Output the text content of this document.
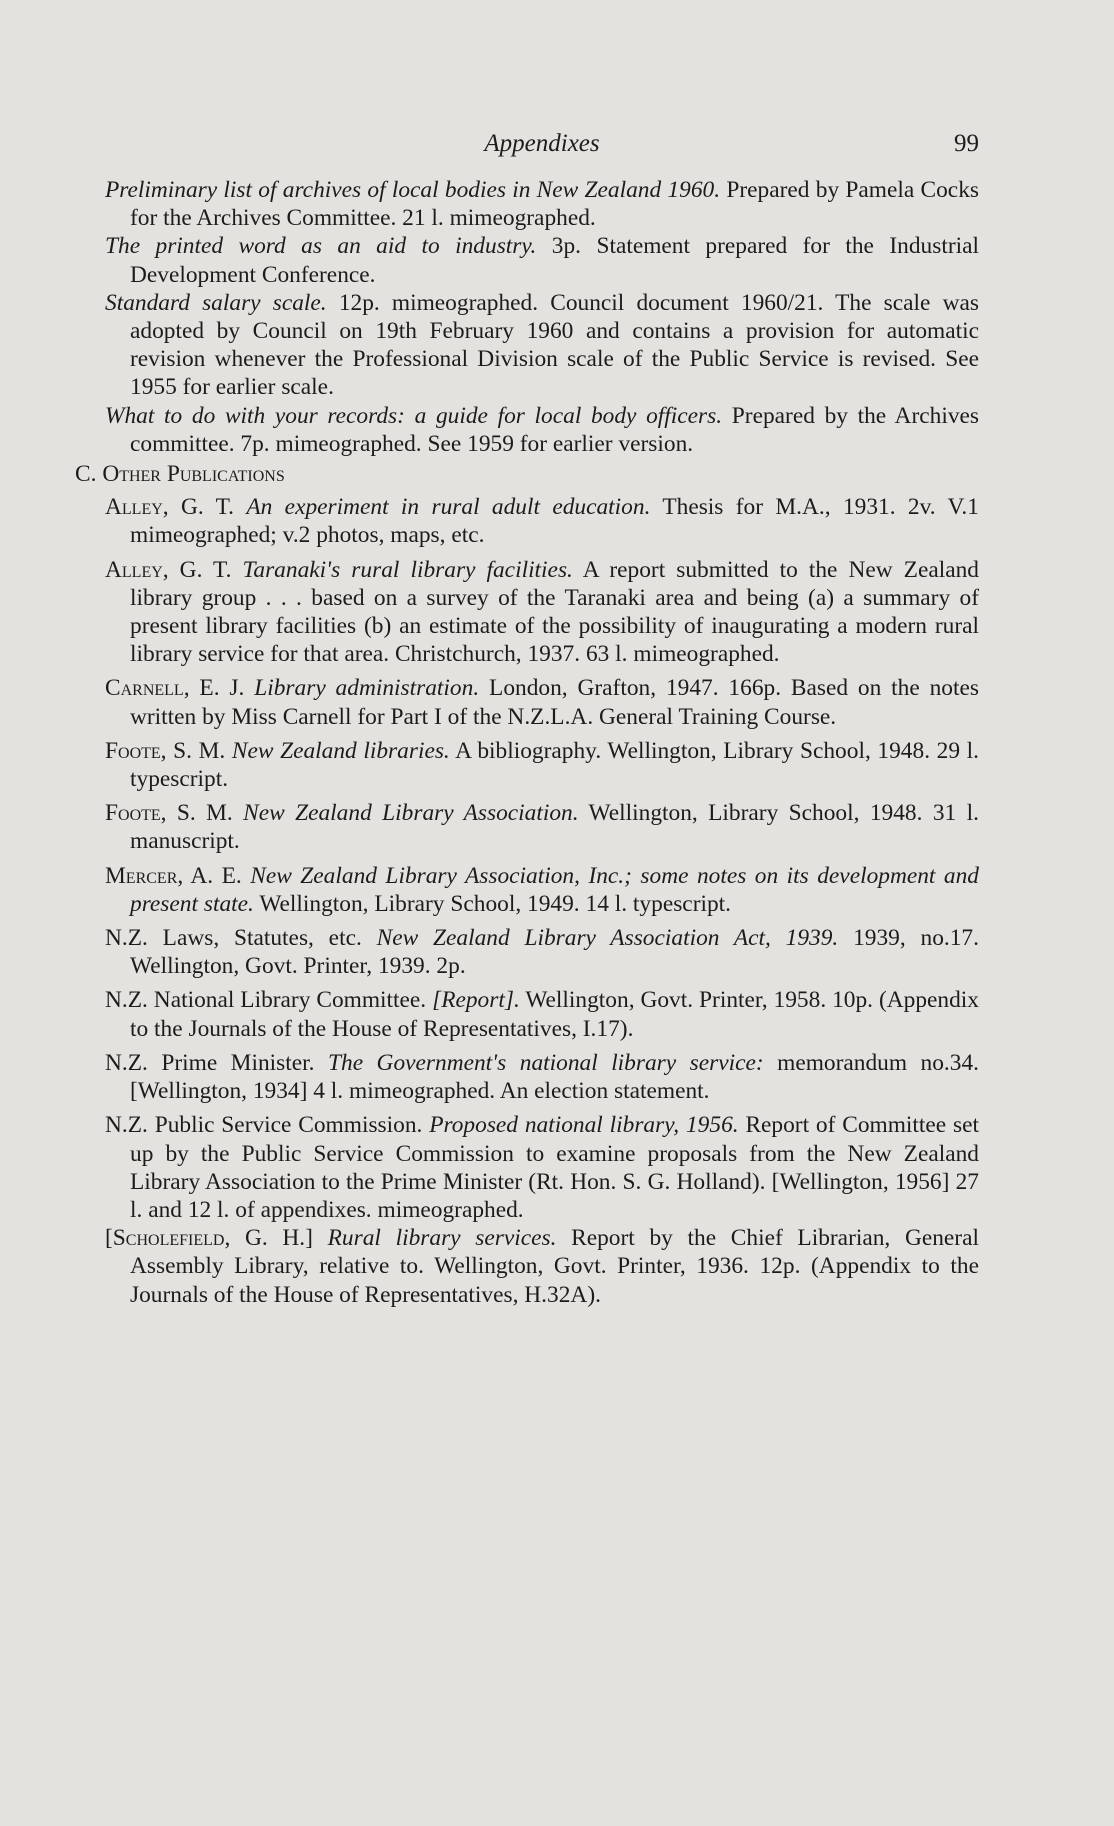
Appendixes	99

Preliminary list of archives of local bodies in New Zealand 1960. Prepared by Pamela Cocks for the Archives Committee. 21 l. mimeographed.

The printed word as an aid to industry. 3p. Statement prepared for the Industrial Development Conference.

Standard salary scale. 12p. mimeographed. Council document 1960/21. The scale was adopted by Council on 19th February 1960 and contains a provision for automatic revision whenever the Professional Division scale of the Public Service is revised. See 1955 for earlier scale.

What to do with your records: a guide for local body officers. Prepared by the Archives committee. 7p. mimeographed. See 1959 for earlier version.

C. Other Publications

Alley, G. T. An experiment in rural adult education. Thesis for M.A., 1931. 2v. V.1 mimeographed; v.2 photos, maps, etc.

Alley, G. T. Taranaki's rural library facilities. A report submitted to the New Zealand library group . . . based on a survey of the Taranaki area and being (a) a summary of present library facilities (b) an estimate of the possibility of inaugurating a modern rural library service for that area. Christchurch, 1937. 63 l. mimeographed.

Carnell, E. J. Library administration. London, Grafton, 1947. 166p. Based on the notes written by Miss Carnell for Part I of the N.Z.L.A. General Training Course.

Foote, S. M. New Zealand libraries. A bibliography. Wellington, Library School, 1948. 29 l. typescript.

Foote, S. M. New Zealand Library Association. Wellington, Library School, 1948. 31 l. manuscript.

Mercer, A. E. New Zealand Library Association, Inc.; some notes on its development and present state. Wellington, Library School, 1949. 14 l. typescript.

N.Z. Laws, Statutes, etc. New Zealand Library Association Act, 1939. 1939, no.17. Wellington, Govt. Printer, 1939. 2p.

N.Z. National Library Committee. [Report]. Wellington, Govt. Printer, 1958. 10p. (Appendix to the Journals of the House of Representatives, I.17).

N.Z. Prime Minister. The Government's national library service: memorandum no.34. [Wellington, 1934] 4 l. mimeographed. An election statement.

N.Z. Public Service Commission. Proposed national library, 1956. Report of Committee set up by the Public Service Commission to examine proposals from the New Zealand Library Association to the Prime Minister (Rt. Hon. S. G. Holland). [Wellington, 1956] 27 l. and 12 l. of appendixes. mimeographed.

[Scholefield, G. H.] Rural library services. Report by the Chief Librarian, General Assembly Library, relative to. Wellington, Govt. Printer, 1936. 12p. (Appendix to the Journals of the House of Representatives, H.32A).
